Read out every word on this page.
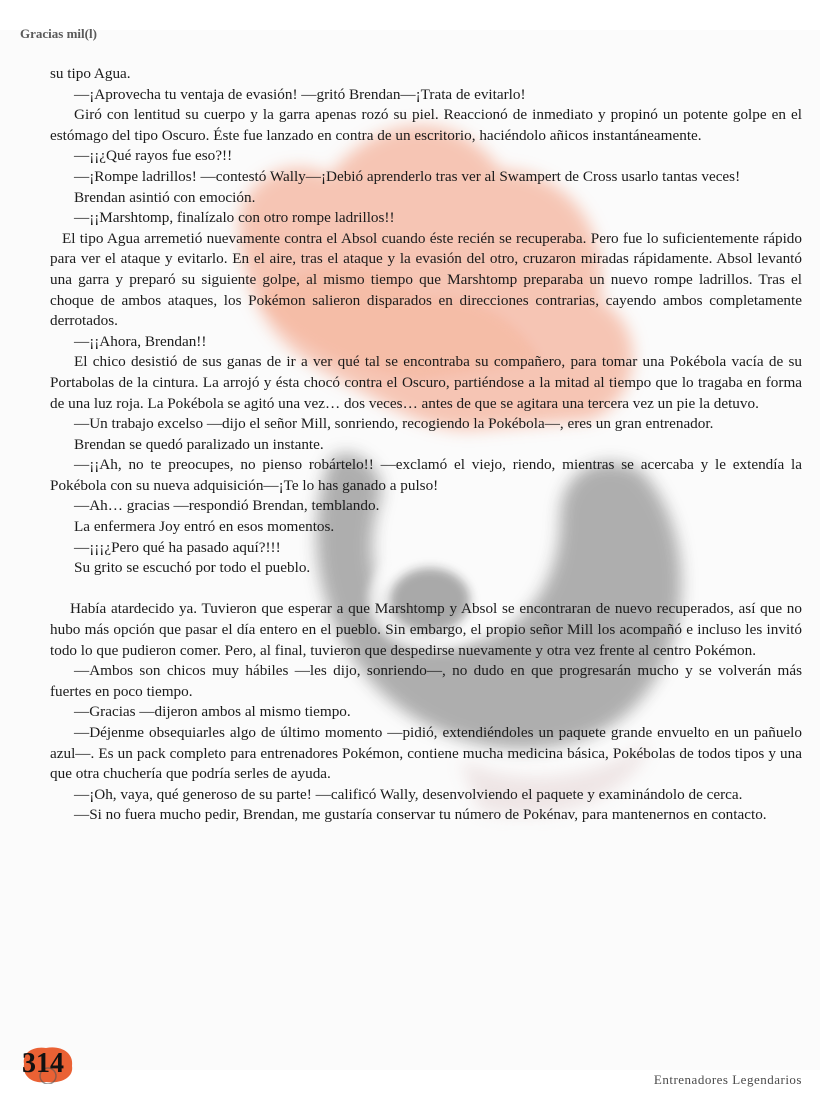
Gracias mil(l)

su tipo Agua.

—¡Aprovecha tu ventaja de evasión! —gritó Brendan—¡Trata de evitarlo!

Giró con lentitud su cuerpo y la garra apenas rozó su piel. Reaccionó de inmediato y propinó un potente golpe en el estómago del tipo Oscuro. Éste fue lanzado en contra de un escritorio, haciéndolo añicos instantáneamente.

—¡¡¿Qué rayos fue eso?!!

—¡Rompe ladrillos! —contestó Wally—¡Debió aprenderlo tras ver al Swampert de Cross usarlo tantas veces!

Brendan asintió con emoción.

—¡¡Marshtomp, finalízalo con otro rompe ladrillos!!

El tipo Agua arremetió nuevamente contra el Absol cuando éste recién se recuperaba. Pero fue lo suficientemente rápido para ver el ataque y evitarlo. En el aire, tras el ataque y la evasión del otro, cruzaron miradas rápidamente. Absol levantó una garra y preparó su siguiente golpe, al mismo tiempo que Marshtomp preparaba un nuevo rompe ladrillos. Tras el choque de ambos ataques, los Pokémon salieron disparados en direcciones contrarias, cayendo ambos completamente derrotados.

—¡¡Ahora, Brendan!!

El chico desistió de sus ganas de ir a ver qué tal se encontraba su compañero, para tomar una Pokébola vacía de su Portabolas de la cintura. La arrojó y ésta chocó contra el Oscuro, partiéndose a la mitad al tiempo que lo tragaba en forma de una luz roja. La Pokébola se agitó una vez… dos veces… antes de que se agitara una tercera vez un pie la detuvo.

—Un trabajo excelso —dijo el señor Mill, sonriendo, recogiendo la Pokébola—, eres un gran entrenador.

Brendan se quedó paralizado un instante.

—¡¡Ah, no te preocupes, no pienso robártelo!! —exclamó el viejo, riendo, mientras se acercaba y le extendía la Pokébola con su nueva adquisición—¡Te lo has ganado a pulso!

—Ah… gracias —respondió Brendan, temblando.

La enfermera Joy entró en esos momentos.

—¡¡¡¿Pero qué ha pasado aquí?!!!

Su grito se escuchó por todo el pueblo.

Había atardecido ya. Tuvieron que esperar a que Marshtomp y Absol se encontraran de nuevo recuperados, así que no hubo más opción que pasar el día entero en el pueblo. Sin embargo, el propio señor Mill los acompañó e incluso les invitó todo lo que pudieron comer. Pero, al final, tuvieron que despedirse nuevamente y otra vez frente al centro Pokémon.

—Ambos son chicos muy hábiles —les dijo, sonriendo—, no dudo en que progresarán mucho y se volverán más fuertes en poco tiempo.

—Gracias —dijeron ambos al mismo tiempo.

—Déjenme obsequiarles algo de último momento —pidió, extendiéndoles un paquete grande envuelto en un pañuelo azul—. Es un pack completo para entrenadores Pokémon, contiene mucha medicina básica, Pokébolas de todos tipos y una que otra chuchería que podría serles de ayuda.

—¡Oh, vaya, qué generoso de su parte! —calificó Wally, desenvolviendo el paquete y examinándolo de cerca.

—Si no fuera mucho pedir, Brendan, me gustaría conservar tu número de Pokénav, para mantenernos en contacto.

314
Entrenadores Legendarios
